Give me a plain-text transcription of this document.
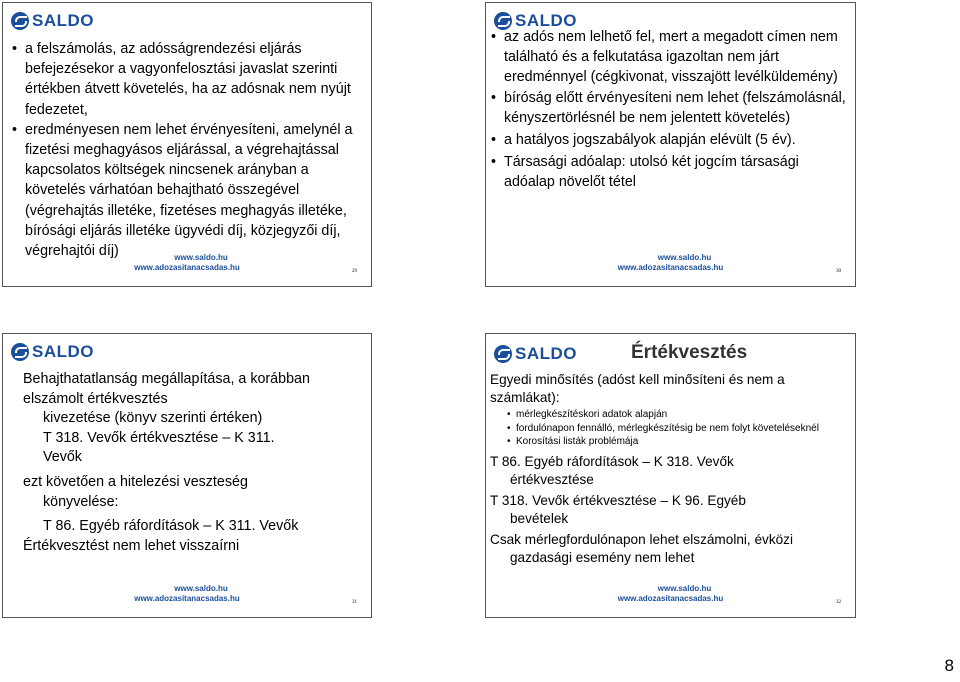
SALDO
• a felszámolás, az adósságrendezési eljárás befejezésekor a vagyonfelosztási javaslat szerinti értékben átvett követelés, ha az adósnak nem nyújt fedezetet,
• eredményesen nem lehet érvényesíteni, amelynél a fizetési meghagyásos eljárással, a végrehajtással kapcsolatos költségek nincsenek arányban a követelés várhatóan behajtható összegével (végrehajtás illetéke, fizetéses meghagyás illetéke, bírósági eljárás illetéke ügyvédi díj, közjegyzői díj, végrehajtói díj)	www.saldo.hu
www.adozasitanacsadas.hu	29
SALDO
• az adós nem lelhető fel, mert a megadott címen nem található és a felkutatása igazoltan nem járt eredménnyel (cégkivonat, visszajött levélküldemény)
• bíróság előtt érvényesíteni nem lehet (felszámolásnál, kényszertörlésnél be nem jelentett követelés)
• a hatályos jogszabályok alapján elévült (5 év).
• Társasági adóalap: utolsó két jogcím társasági adóalap növelőt tétel
www.saldo.hu
www.adozasitanacsadas.hu	30
SALDO

Behajthatatlanság megállapítása, a korábban elszámolt értékvesztés

kivezetése (könyv szerinti értéken)

T 318. Vevők értékvesztése – K 311.

Vevők

ezt követően a hitelezési veszteség

könyvelése:

T 86. Egyéb ráfordítások – K 311. Vevők

Értékvesztést nem lehet visszaírni

www.saldo.hu
www.adozasitanacsadas.hu	31
SALDO	Értékvesztés

Egyedi minősítés (adóst kell minősíteni és nem a számlákat):

• mérlegkészítéskori adatok alapján
• fordulónapon fennálló, mérlegkészítésig be nem folyt követeléseknél
• Korosítási listák problémája

T 86. Egyéb ráfordítások – K 318. Vevők

értékvesztése

T 318. Vevők értékvesztése – K 96. Egyéb

bevételek

Csak mérlegfordulónapon lehet elszámolni, évközi

gazdasági esemény nem lehet

www.saldo.hu
www.adozasitanacsadas.hu	32
8
